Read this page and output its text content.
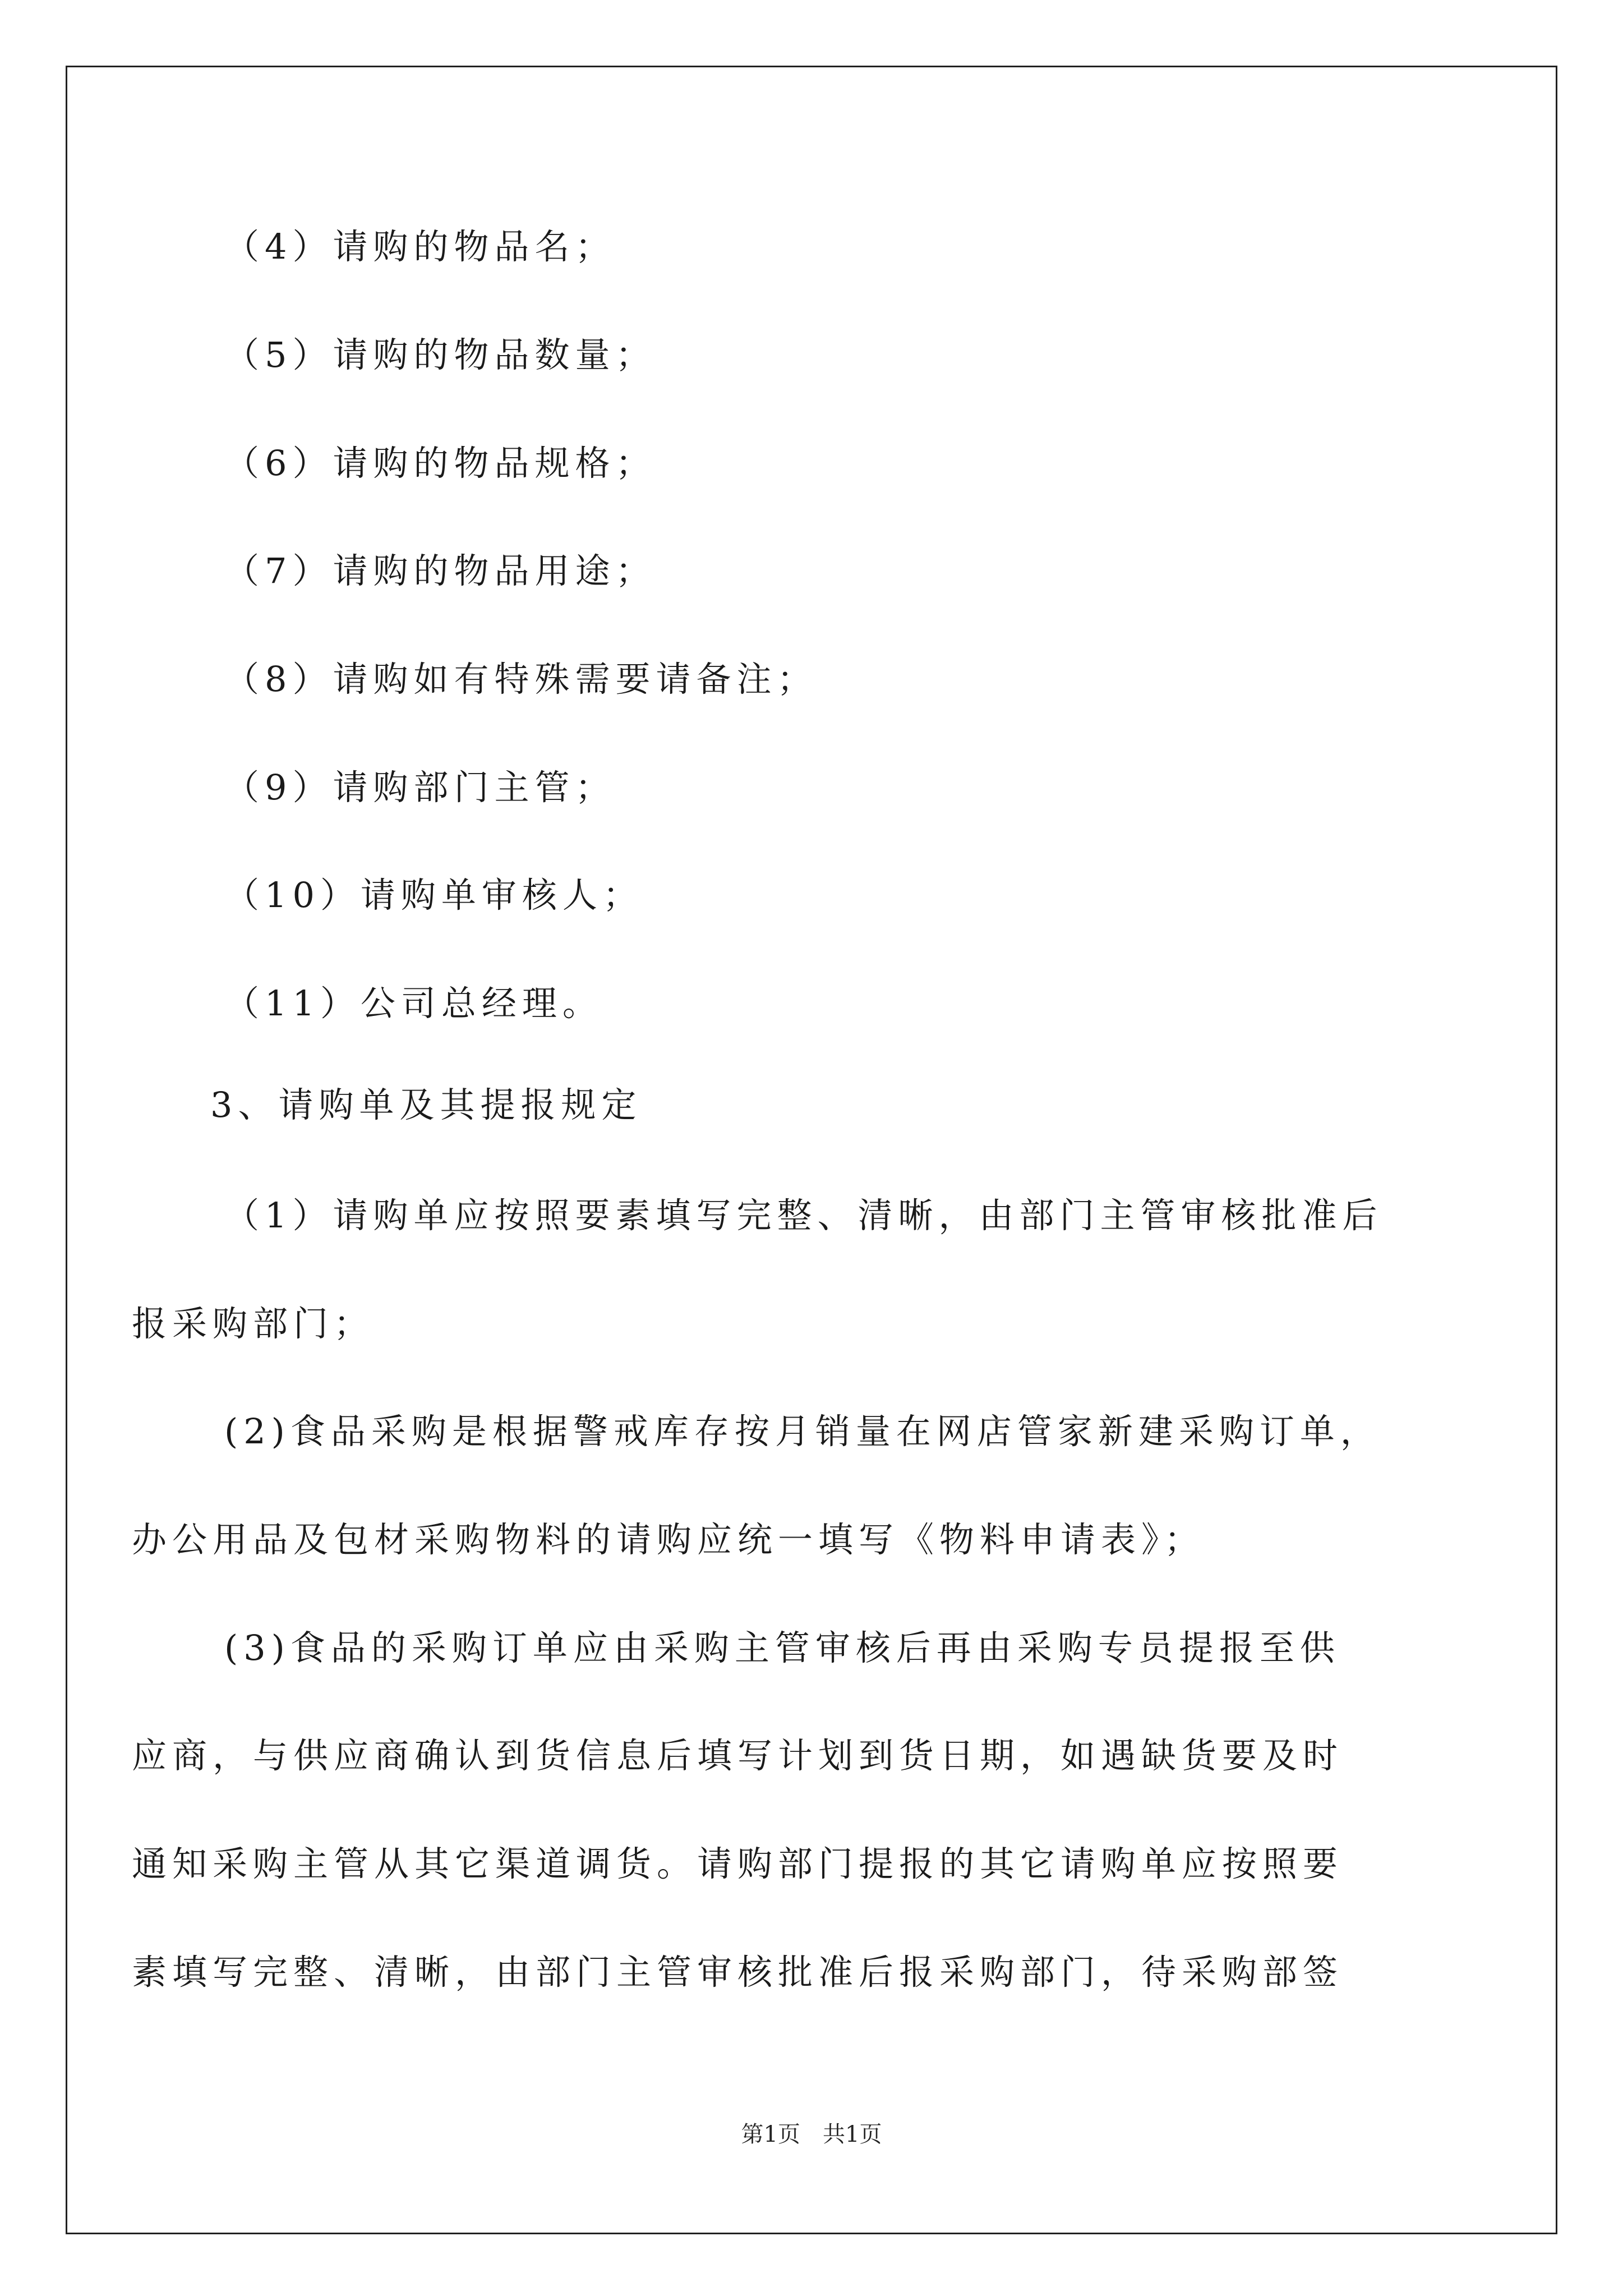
（4）请购的物品名；
（5）请购的物品数量；
（6）请购的物品规格；
（7）请购的物品用途；
（8）请购如有特殊需要请备注；
（9）请购部门主管；
（10）请购单审核人；
（11）公司总经理。
3、请购单及其提报规定
（1）请购单应按照要素填写完整、清晰，由部门主管审核批准后
报采购部门；
(2)食品采购是根据警戒库存按月销量在网店管家新建采购订单，
办公用品及包材采购物料的请购应统一填写《物料申请表》；
(3)食品的采购订单应由采购主管审核后再由采购专员提报至供
应商，与供应商确认到货信息后填写计划到货日期，如遇缺货要及时
通知采购主管从其它渠道调货。请购部门提报的其它请购单应按照要
素填写完整、清晰，由部门主管审核批准后报采购部门，待采购部签
第1页　共1页
